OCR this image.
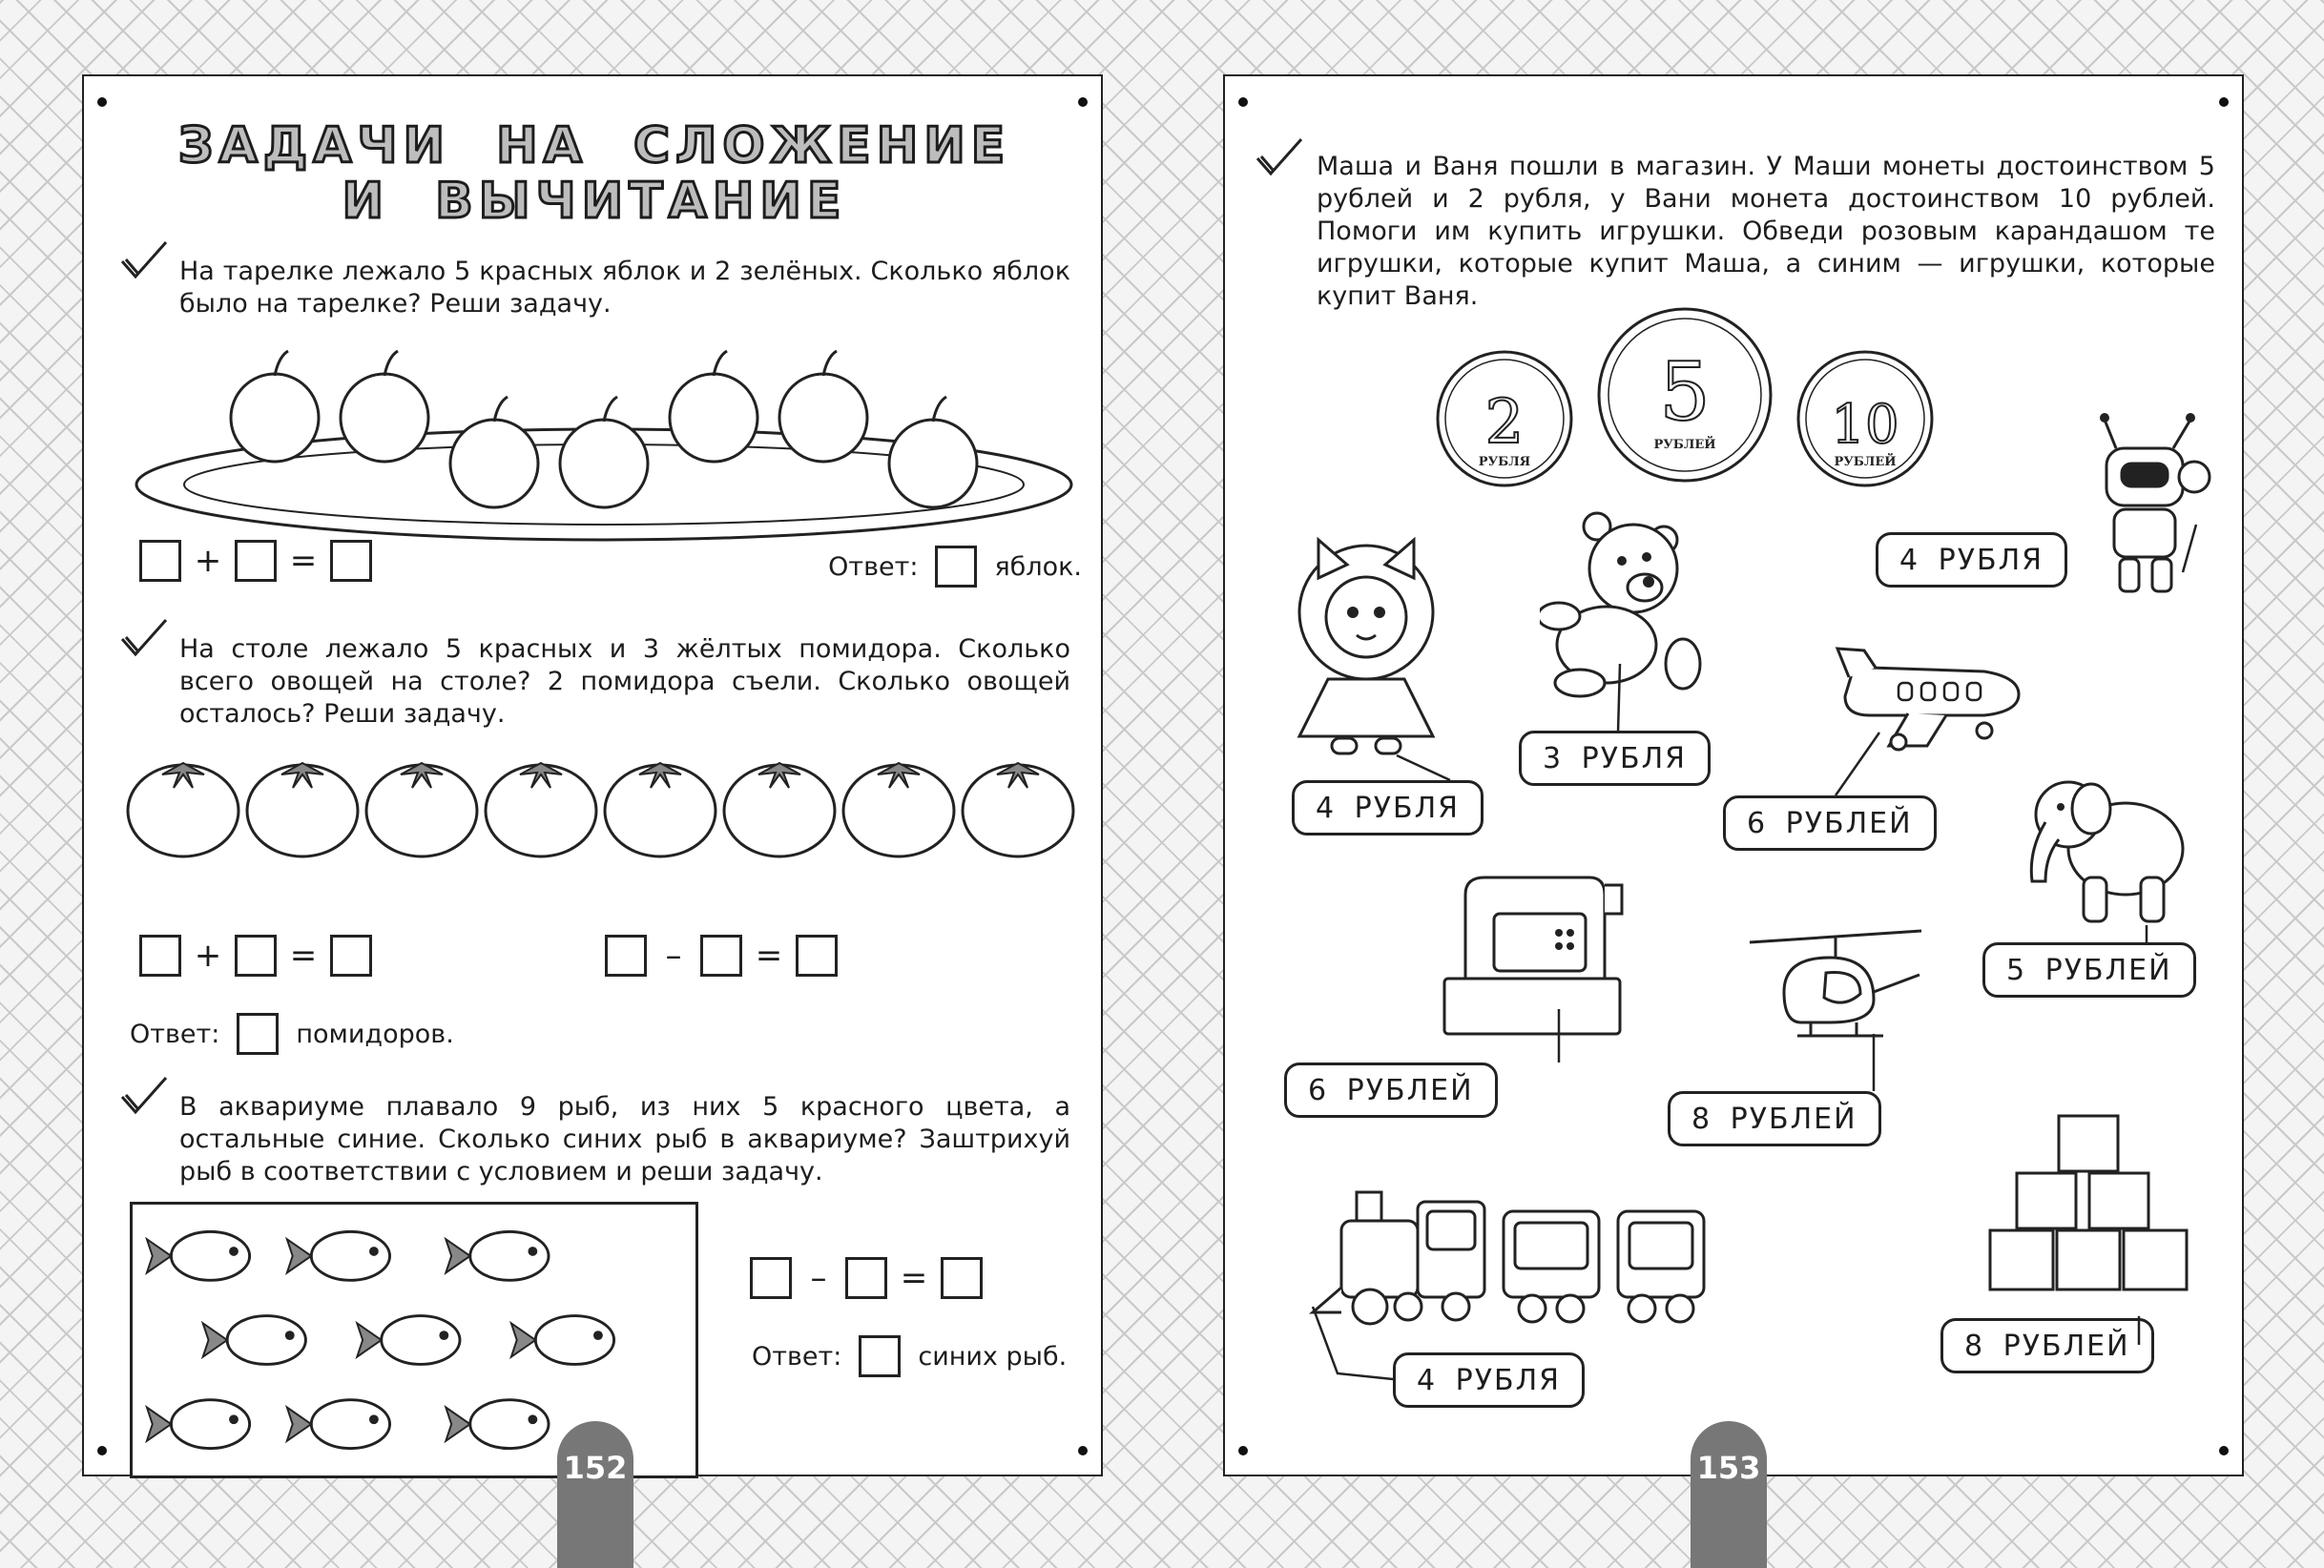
ЗАДАЧИ НА СЛОЖЕНИЕ
И ВЫЧИТАНИЕ
На тарелке лежало 5 красных яблок и 2 зелёных. Сколько яблок было на тарелке? Реши задачу.
+ =	Ответ:	яблок.
На столе лежало 5 красных и 3 жёлтых помидора. Сколько всего овощей на столе? 2 помидора съели. Сколько овощей осталось? Реши задачу.
+ =	–	=
Ответ:	помидоров.
В аквариуме плавало 9 рыб, из них 5 красного цвета, а остальные синие. Сколько синих рыб в аквариуме? Заштрихуй рыб в соответствии с условием и реши задачу.
–	=
Ответ:	синих рыб.
152
Маша и Ваня пошли в магазин. У Маши монеты достоинством 5 рублей и 2 рубля, у Вани монета достоинством 10 рублей. Помоги им купить игрушки. Обведи розовым карандашом те игрушки, которые купит Маша, а синим — игрушки, которые купит Ваня.
2
РУБЛЯ
5
РУБЛЕЙ 10
РУБЛЕЙ
4 РУБЛЯ
4 РУБЛЯ
3 РУБЛЯ
6 РУБЛЕЙ
5 РУБЛЕЙ
6 РУБЛЕЙ
8 РУБЛЕЙ
4 РУБЛЯ
8 РУБЛЕЙ
153
